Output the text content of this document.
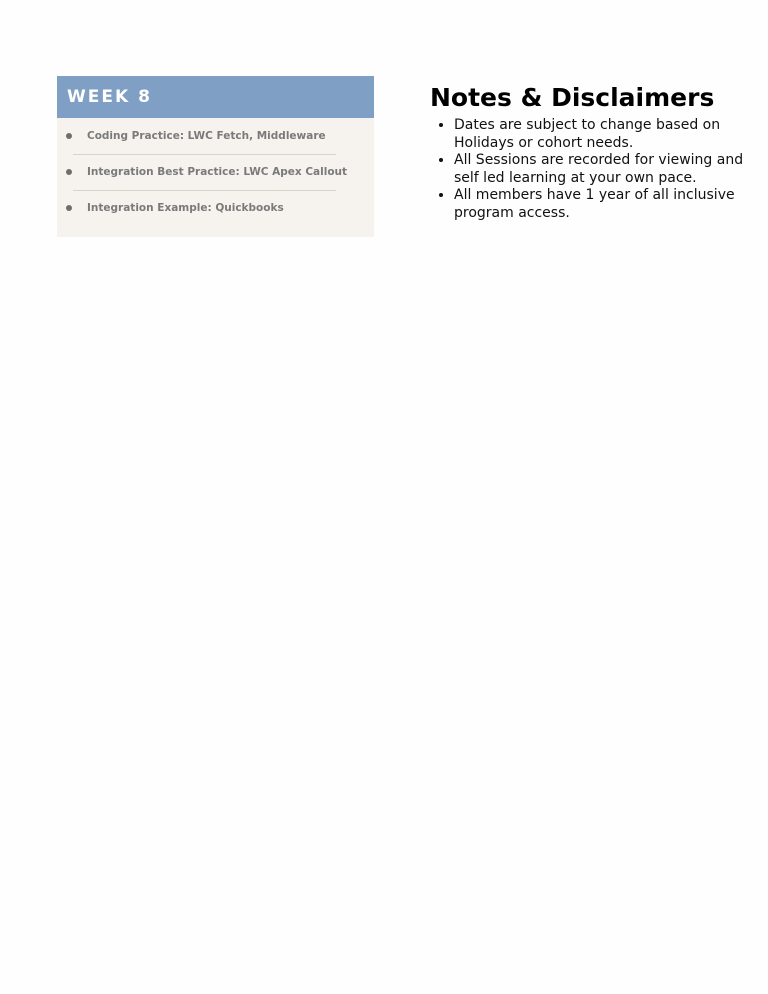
WEEK 8
Coding Practice: LWC Fetch, Middleware
Integration Best Practice: LWC Apex Callout
Integration Example: Quickbooks
Notes & Disclaimers
• Dates are subject to change based on Holidays or cohort needs.
• All Sessions are recorded for viewing and self led learning at your own pace.
• All members have 1 year of all inclusive program access.
